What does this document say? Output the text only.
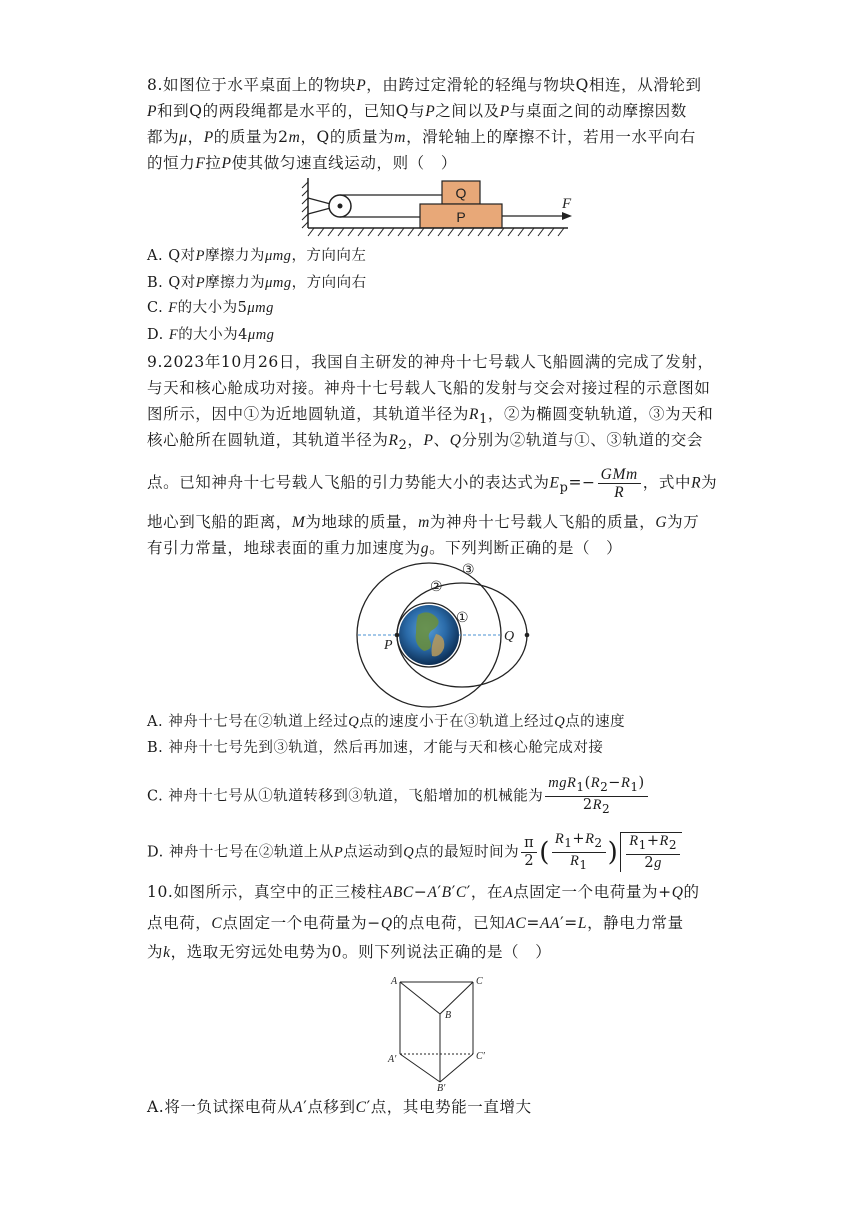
8.如图位于水平桌面上的物块P，由跨过定滑轮的轻绳与物块Q相连，从滑轮到
P和到Q的两段绳都是水平的，已知Q与P之间以及P与桌面之间的动摩擦因数
都为μ，P的质量为2m，Q的质量为m，滑轮轴上的摩擦不计，若用一水平向右
的恒力F拉P使其做匀速直线运动，则（　）
Q
P
F
A. Q对P摩擦力为μmg，方向向左
B. Q对P摩擦力为μmg，方向向右
C. F的大小为5μmg
D. F的大小为4μmg
9.2023年10月26日，我国自主研发的神舟十七号载人飞船圆满的完成了发射，
与天和核心舱成功对接。神舟十七号载人飞船的发射与交会对接过程的示意图如
图所示，因中①为近地圆轨道，其轨道半径为$R_1$，②为椭圆变轨轨道，③为天和
核心舱所在圆轨道，其轨道半径为$R_2$，P、Q分别为②轨道与①、③轨道的交会
点。已知神舟十七号载人飞船的引力势能大小的表达式为$E_p=- \frac{\text{GMm}}{R}$ ，式中R为
地心到飞船的距离，M为地球的质量，m为神舟十七号载人飞船的质量，G为万
有引力常量，地球表面的重力加速度为g。下列判断正确的是（　）
P
Q
③
②
①
A. 神舟十七号在②轨道上经过Q点的速度小于在③轨道上经过Q点的速度
B. 神舟十七号先到③轨道，然后再加速，才能与天和核心舱完成对接
C. 神舟十七号从①轨道转移到③轨道，飞船增加的机械能为 $\frac{mgR_1(R_2-R_1)}{2R_2}$
D. 神舟十七号在②轨道上从P点运动到Q点的最短时间为 $\frac{\pi}{2}$ ( $\frac{R_1+R_2}{R_1}$ ) $\frac{R_1+R_2}{2g}$
10.如图所示，真空中的正三棱柱ABC−A′B′C′，在A点固定一个电荷量为+Q的
点电荷，C点固定一个电荷量为−Q的点电荷，已知AC=AA′=L，静电力常量
为k，选取无穷远处电势为0。则下列说法正确的是（　）
A	C
B
A′	C′
B′
A.将一负试探电荷从A′点移到C′点，其电势能一直增大
